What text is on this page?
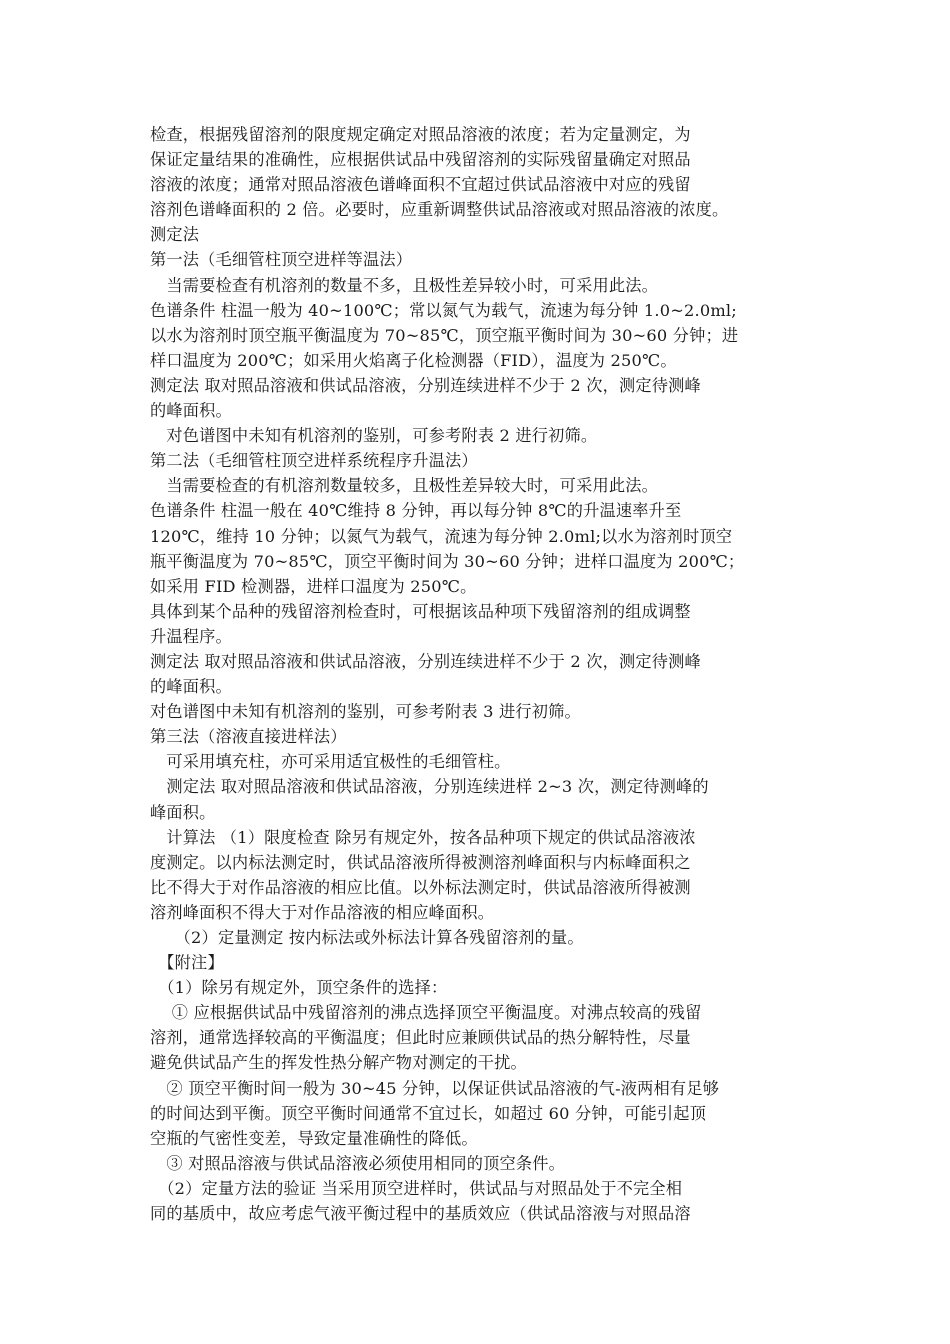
检查，根据残留溶剂的限度规定确定对照品溶液的浓度；若为定量测定，为
保证定量结果的准确性，应根据供试品中残留溶剂的实际残留量确定对照品
溶液的浓度；通常对照品溶液色谱峰面积不宜超过供试品溶液中对应的残留
溶剂色谱峰面积的 2 倍。必要时，应重新调整供试品溶液或对照品溶液的浓度。
测定法
第一法（毛细管柱顶空进样等温法）
　当需要检查有机溶剂的数量不多，且极性差异较小时，可采用此法。
色谱条件 柱温一般为 40~100℃；常以氮气为载气，流速为每分钟 1.0~2.0ml;
以水为溶剂时顶空瓶平衡温度为 70~85℃，顶空瓶平衡时间为 30~60 分钟；进
样口温度为 200℃；如采用火焰离子化检测器（FID），温度为 250℃。
测定法 取对照品溶液和供试品溶液，分别连续进样不少于 2 次，测定待测峰
的峰面积。
　对色谱图中未知有机溶剂的鉴别，可参考附表 2 进行初筛。
第二法（毛细管柱顶空进样系统程序升温法）
　当需要检查的有机溶剂数量较多，且极性差异较大时，可采用此法。
色谱条件 柱温一般在 40℃维持 8 分钟，再以每分钟 8℃的升温速率升至
120℃，维持 10 分钟；以氮气为载气，流速为每分钟 2.0ml;以水为溶剂时顶空
瓶平衡温度为 70~85℃，顶空平衡时间为 30~60 分钟；进样口温度为 200℃；
如采用 FID 检测器，进样口温度为 250℃。
具体到某个品种的残留溶剂检查时，可根据该品种项下残留溶剂的组成调整
升温程序。
测定法 取对照品溶液和供试品溶液，分别连续进样不少于 2 次，测定待测峰
的峰面积。
对色谱图中未知有机溶剂的鉴别，可参考附表 3 进行初筛。
第三法（溶液直接进样法）
　可采用填充柱，亦可采用适宜极性的毛细管柱。
　测定法 取对照品溶液和供试品溶液，分别连续进样 2~3 次，测定待测峰的
峰面积。
　计算法 （1）限度检查 除另有规定外，按各品种项下规定的供试品溶液浓
度测定。以内标法测定时，供试品溶液所得被测溶剂峰面积与内标峰面积之
比不得大于对作品溶液的相应比值。以外标法测定时，供试品溶液所得被测
溶剂峰面积不得大于对作品溶液的相应峰面积。
　　（2）定量测定 按内标法或外标法计算各残留溶剂的量。
　【附注】
　（1）除另有规定外，顶空条件的选择：
　 ① 应根据供试品中残留溶剂的沸点选择顶空平衡温度。对沸点较高的残留
溶剂，通常选择较高的平衡温度；但此时应兼顾供试品的热分解特性，尽量
避免供试品产生的挥发性热分解产物对测定的干扰。
　② 顶空平衡时间一般为 30~45 分钟，以保证供试品溶液的气-液两相有足够
的时间达到平衡。顶空平衡时间通常不宜过长，如超过 60 分钟，可能引起顶
空瓶的气密性变差，导致定量准确性的降低。
　③ 对照品溶液与供试品溶液必须使用相同的顶空条件。
　（2）定量方法的验证 当采用顶空进样时，供试品与对照品处于不完全相
同的基质中，故应考虑气液平衡过程中的基质效应（供试品溶液与对照品溶
